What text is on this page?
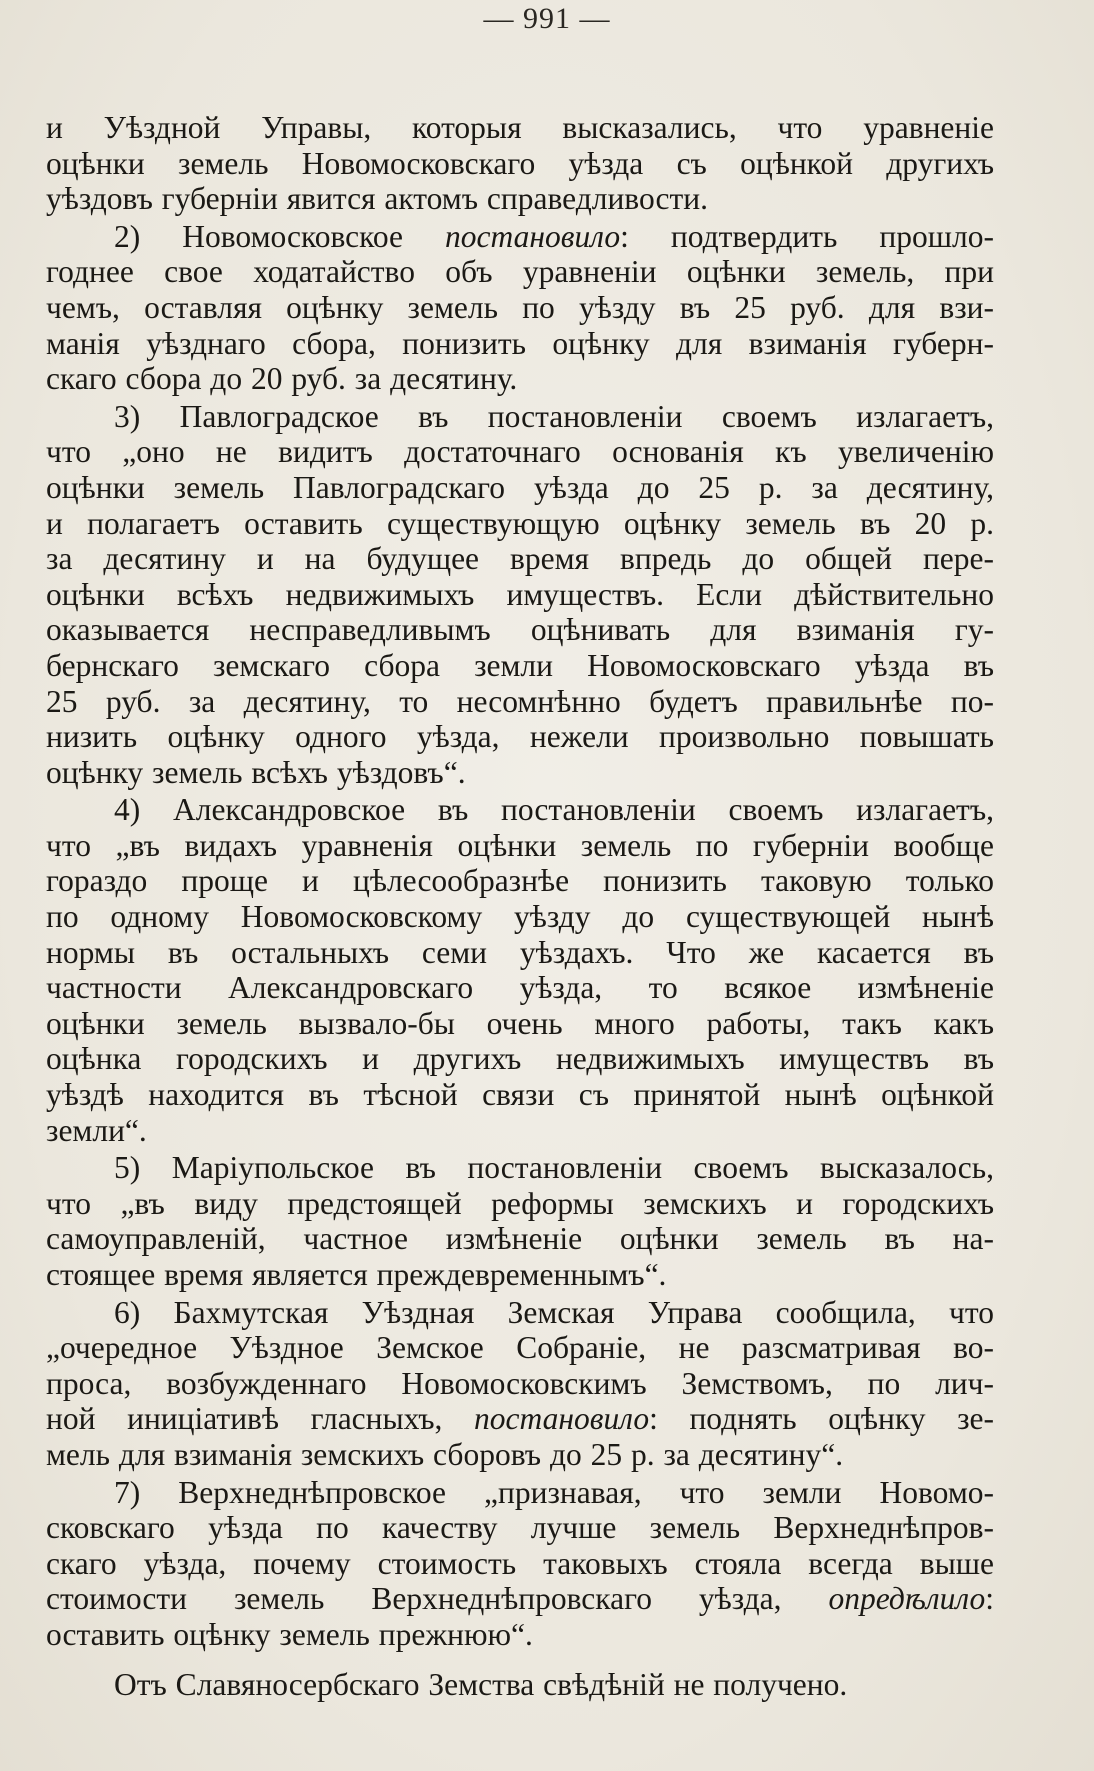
— 991 —
и Уѣздной Управы, которыя высказались, что уравненіе
оцѣнки земель Новомосковскаго уѣзда съ оцѣнкой другихъ
уѣздовъ губерніи явится актомъ справедливости.
2) Новомосковское постановило: подтвердить прошло-
годнее свое ходатайство объ уравненіи оцѣнки земель, при
чемъ, оставляя оцѣнку земель по уѣзду въ 25 руб. для взи-
манія уѣзднаго сбора, понизить оцѣнку для взиманія губерн-
скаго сбора до 20 руб. за десятину.
3) Павлоградское въ постановленіи своемъ излагаетъ,
что „оно не видитъ достаточнаго основанія къ увеличенію
оцѣнки земель Павлоградскаго уѣзда до 25 р. за десятину,
и полагаетъ оставить существующую оцѣнку земель въ 20 р.
за десятину и на будущее время впредь до общей пере-
оцѣнки всѣхъ недвижимыхъ имуществъ. Если дѣйствительно
оказывается несправедливымъ оцѣнивать для взиманія гу-
бернскаго земскаго сбора земли Новомосковскаго уѣзда въ
25 руб. за десятину, то несомнѣнно будетъ правильнѣе по-
низить оцѣнку одного уѣзда, нежели произвольно повышать
оцѣнку земель всѣхъ уѣздовъ“.
4) Александровское въ постановленіи своемъ излагаетъ,
что „въ видахъ уравненія оцѣнки земель по губерніи вообще
гораздо проще и цѣлесообразнѣе понизить таковую только
по одному Новомосковскому уѣзду до существующей нынѣ
нормы въ остальныхъ семи уѣздахъ. Что же касается въ
частности Александровскаго уѣзда, то всякое измѣненіе
оцѣнки земель вызвало-бы очень много работы, такъ какъ
оцѣнка городскихъ и другихъ недвижимыхъ имуществъ въ
уѣздѣ находится въ тѣсной связи съ принятой нынѣ оцѣнкой
земли“.
5) Маріупольское въ постановленіи своемъ высказалось,
что „въ виду предстоящей реформы земскихъ и городскихъ
самоуправленій, частное измѣненіе оцѣнки земель въ на-
стоящее время является преждевременнымъ“.
6) Бахмутская Уѣздная Земская Управа сообщила, что
„очередное Уѣздное Земское Собраніе, не разсматривая во-
проса, возбужденнаго Новомосковскимъ Земствомъ, по лич-
ной иниціативѣ гласныхъ, постановило: поднять оцѣнку зе-
мель для взиманія земскихъ сборовъ до 25 р. за десятину“.
7) Верхнеднѣпровское „признавая, что земли Новомо-
сковскаго уѣзда по качеству лучше земель Верхнеднѣпров-
скаго уѣзда, почему стоимость таковыхъ стояла всегда выше
стоимости земель Верхнеднѣпровскаго уѣзда, опредѣлило:
оставить оцѣнку земель прежнюю“.
Отъ Славяносербскаго Земства свѣдѣній не получено.
